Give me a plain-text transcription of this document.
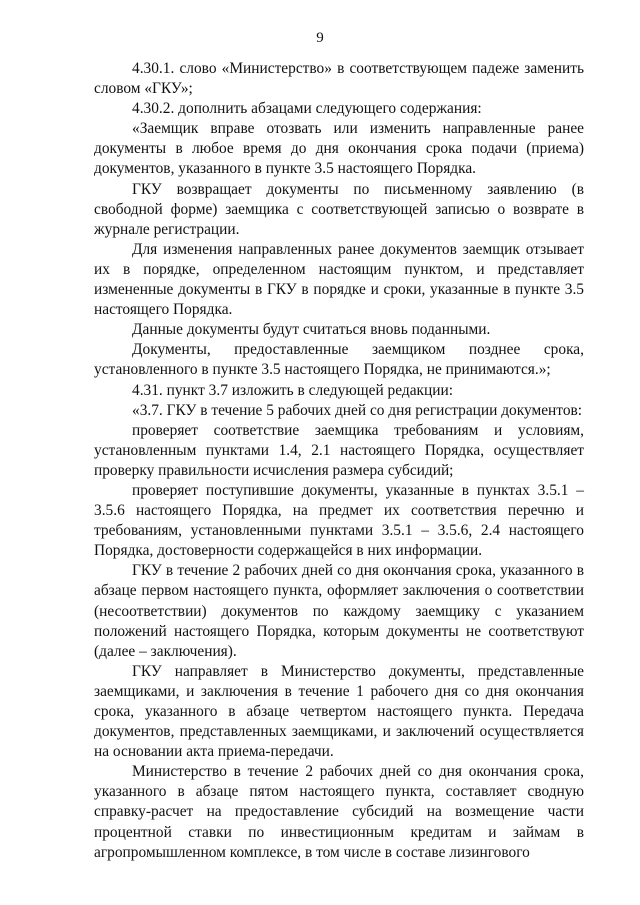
9

4.30.1. слово «Министерство» в соответствующем падеже заменить словом «ГКУ»;

4.30.2. дополнить абзацами следующего содержания:

«Заемщик вправе отозвать или изменить направленные ранее документы в любое время до дня окончания срока подачи (приема) документов, указанного в пункте 3.5 настоящего Порядка.

ГКУ возвращает документы по письменному заявлению (в свободной форме) заемщика с соответствующей записью о возврате в журнале регистрации.

Для изменения направленных ранее документов заемщик отзывает их в порядке, определенном настоящим пунктом, и представляет измененные документы в ГКУ в порядке и сроки, указанные в пункте 3.5 настоящего Порядка.

Данные документы будут считаться вновь поданными.

Документы, предоставленные заемщиком позднее срока, установленного в пункте 3.5 настоящего Порядка, не принимаются.»;

4.31. пункт 3.7 изложить в следующей редакции:

«3.7. ГКУ в течение 5 рабочих дней со дня регистрации документов:

проверяет соответствие заемщика требованиям и условиям, установленным пунктами 1.4, 2.1 настоящего Порядка, осуществляет проверку правильности исчисления размера субсидий;

проверяет поступившие документы, указанные в пунктах 3.5.1 – 3.5.6 настоящего Порядка, на предмет их соответствия перечню и требованиям, установленными пунктами 3.5.1 – 3.5.6, 2.4 настоящего Порядка, достоверности содержащейся в них информации.

ГКУ в течение 2 рабочих дней со дня окончания срока, указанного в абзаце первом настоящего пункта, оформляет заключения о соответствии (несоответствии) документов по каждому заемщику с указанием положений настоящего Порядка, которым документы не соответствуют (далее – заключения).

ГКУ направляет в Министерство документы, представленные заемщиками, и заключения в течение 1 рабочего дня со дня окончания срока, указанного в абзаце четвертом настоящего пункта. Передача документов, представленных заемщиками, и заключений осуществляется на основании акта приема-передачи.

Министерство в течение 2 рабочих дней со дня окончания срока, указанного в абзаце пятом настоящего пункта, составляет сводную справку-расчет на предоставление субсидий на возмещение части процентной ставки по инвестиционным кредитам и займам в агропромышленном комплексе, в том числе в составе лизингового
